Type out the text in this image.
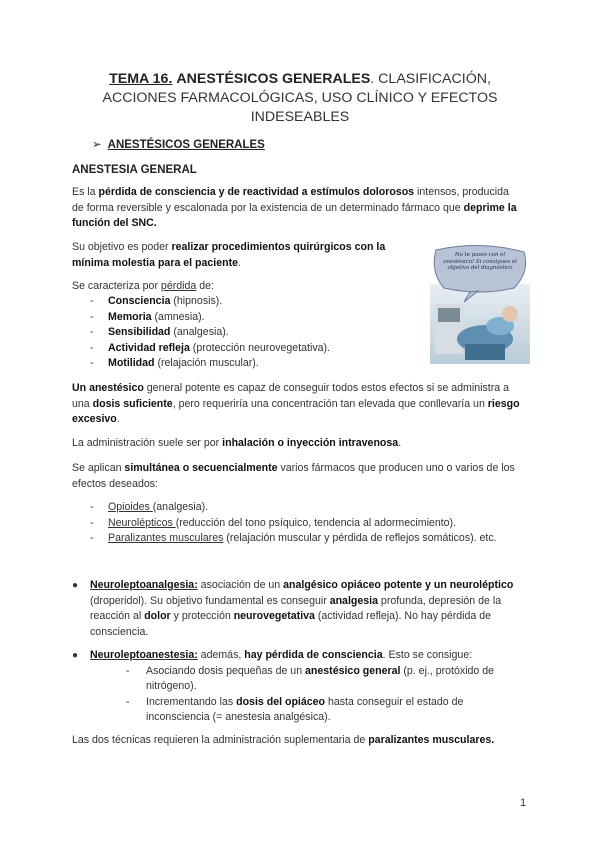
TEMA 16. ANESTÉSICOS GENERALES. CLASIFICACIÓN,
ACCIONES FARMACOLÓGICAS, USO CLÍNICO Y EFECTOS
INDESEABLES
➢ ANESTÉSICOS GENERALES
ANESTESIA GENERAL
Es la pérdida de consciencia y de reactividad a estímulos dolorosos intensos, producida de forma reversible y escalonada por la existencia de un determinado fármaco que deprime la función del SNC.
Su objetivo es poder realizar procedimientos quirúrgicos con la mínima molestia para el paciente.
Se caracteriza por pérdida de:
- Consciencia (hipnosis).
- Memoria (amnesia).
- Sensibilidad (analgesia).
- Actividad refleja (protección neurovegetativa).
- Motilidad (relajación muscular).
No te pases con el anestésico! Si consigues el objetivo del diagnóstico
Un anestésico general potente es capaz de conseguir todos estos efectos si se administra a una dosis suficiente, pero requeriría una concentración tan elevada que conllevaría un riesgo excesivo.
La administración suele ser por inhalación o inyección intravenosa.
Se aplican simultánea o secuencialmente varios fármacos que producen uno o varios de los efectos deseados:
- Opioides (analgesia).
- Neurolépticos (reducción del tono psíquico, tendencia al adormecimiento).
- Paralizantes musculares (relajación muscular y pérdida de reflejos somáticos). etc.
● Neuroleptoanalgesia: asociación de un analgésico opiáceo potente y un neuroléptico (droperidol). Su objetivo fundamental es conseguir analgesia profunda, depresión de la reacción al dolor y protección neurovegetativa (actividad refleja). No hay pérdida de consciencia.
● Neuroleptoanestesia: además, hay pérdida de consciencia. Esto se consigue:
- Asociando dosis pequeñas de un anestésico general (p. ej., protóxido de nitrógeno).
- Incrementando las dosis del opiáceo hasta conseguir el estado de inconsciencia (= anestesia analgésica).
Las dos técnicas requieren la administración suplementaria de paralizantes musculares.
1
